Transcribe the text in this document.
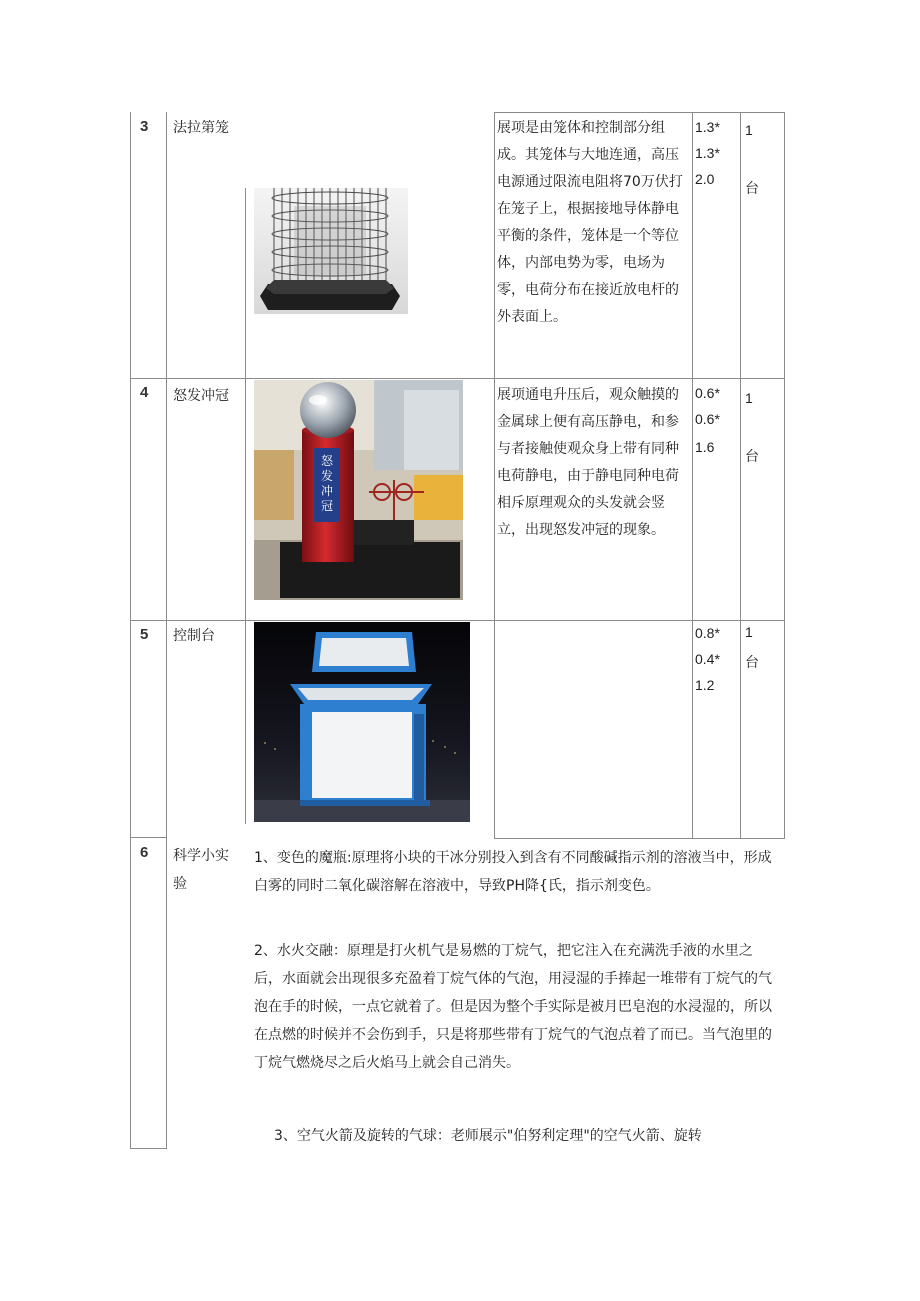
3 法拉第笼	展项是由笼体和控制部分组成。其笼体与大地连通，高压电源通过限流电阻将70万伏打在笼子上，根据接地导体静电平衡的条件，笼体是一个等位体，内部电势为零，电场为零，电荷分布在接近放电杆的外表面上。
1.3*
1.3*
2.0
1
台
4 怒发冲冠
怒
发
冲
冠
展项通电升压后，观众触摸的金属球上便有高压静电，和参与者接触使观众身上带有同种电荷静电，由于静电同种电荷相斥原理观众的头发就会竖立，出现怒发冲冠的现象。
0.6*
0.6*
1.6
1
台
5 控制台	0.8*
0.4*
1.2
1
台
6 科学小实验
1、变色的魔瓶:原理将小块的干冰分别投入到含有不同酸碱指示剂的溶液当中，形成白雾的同时二氧化碳溶解在溶液中，导致PH降{氏，指示剂变色。
2、水火交融：原理是打火机气是易燃的丁烷气，把它注入在充满洗手液的水里之后，水面就会出现很多充盈着丁烷气体的气泡，用浸湿的手捧起一堆带有丁烷气的气泡在手的时候，一点它就着了。但是因为整个手实际是被月巴皂泡的水浸湿的，所以在点燃的时候并不会伤到手，只是将那些带有丁烷气的气泡点着了而已。当气泡里的丁烷气燃烧尽之后火焰马上就会自己消失。
3、空气火箭及旋转的气球：老师展示"伯努利定理"的空气火箭、旋转
